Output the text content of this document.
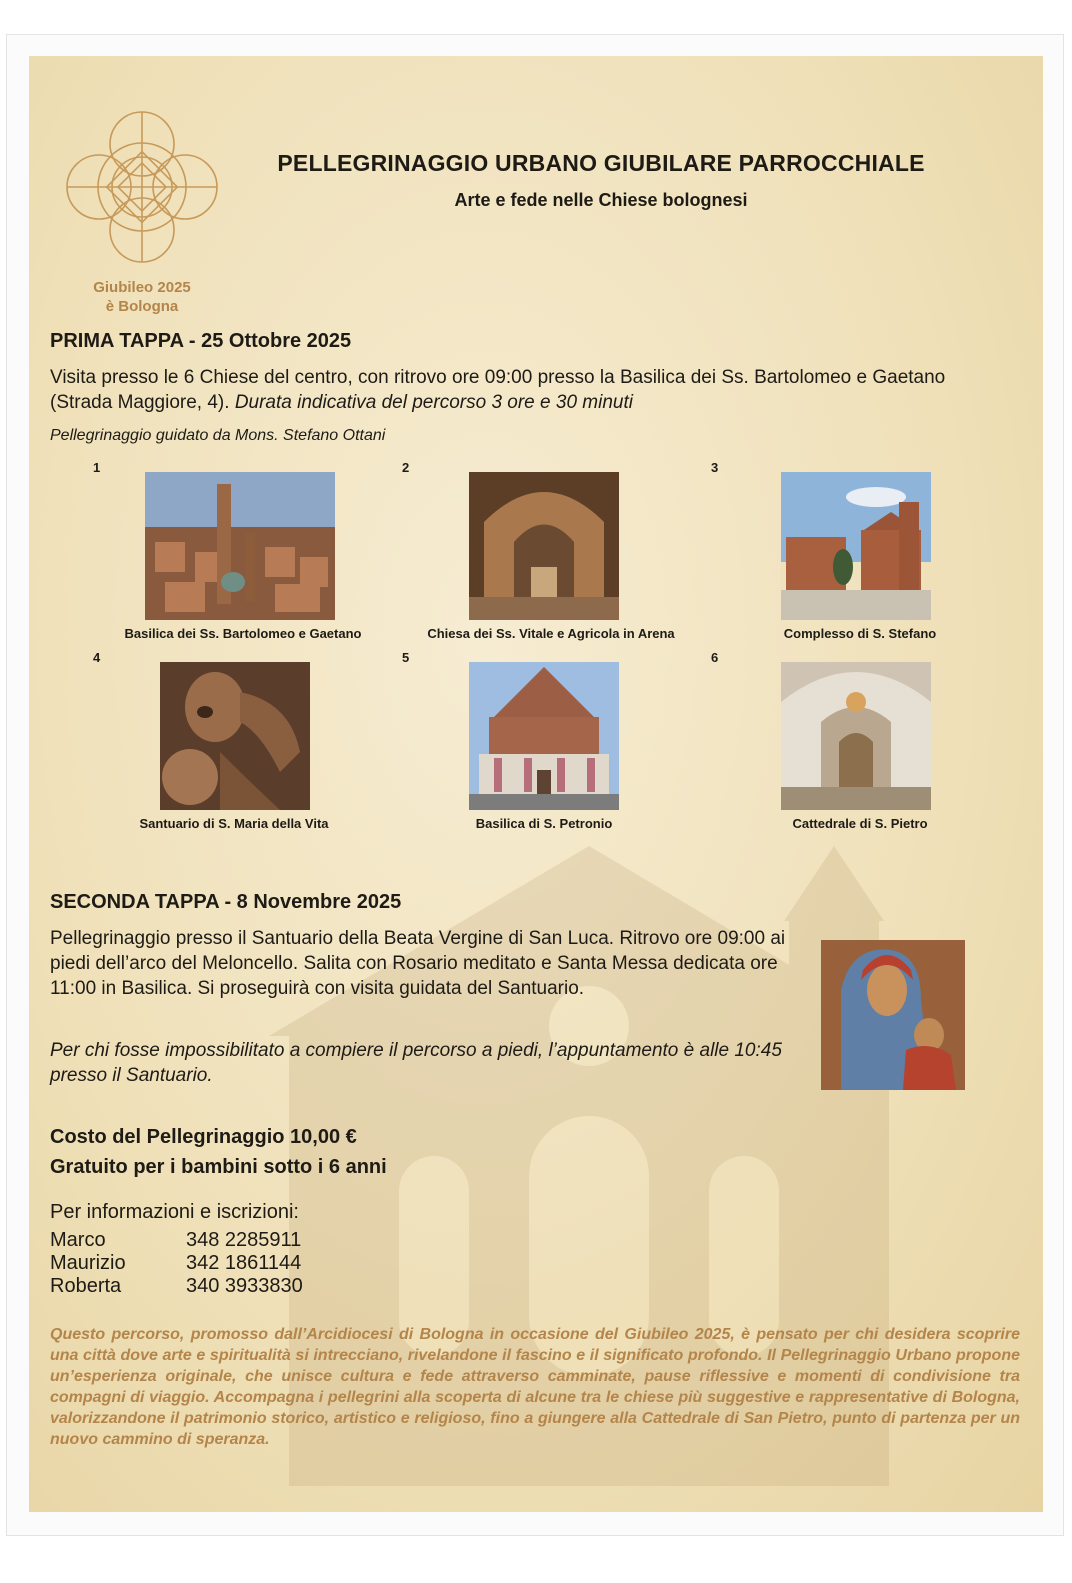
Giubileo 2025
è Bologna
PELLEGRINAGGIO URBANO GIUBILARE PARROCCHIALE
Arte e fede nelle Chiese bolognesi
PRIMA TAPPA - 25 Ottobre 2025
Visita presso le 6 Chiese del centro, con ritrovo ore 09:00 presso la Basilica dei Ss. Bartolomeo e Gaetano (Strada Maggiore, 4). Durata indicativa del percorso 3 ore e 30 minuti
Pellegrinaggio guidato da Mons. Stefano Ottani
1	2	3
Basilica dei Ss. Bartolomeo e Gaetano	Chiesa dei Ss. Vitale e Agricola in Arena	Complesso di S. Stefano
4	5	6
Santuario di S. Maria della Vita	Basilica di S. Petronio	Cattedrale di S. Pietro
SECONDA TAPPA - 8 Novembre 2025
Pellegrinaggio presso il Santuario della Beata Vergine di San Luca. Ritrovo ore 09:00 ai piedi dell’arco del Meloncello. Salita con Rosario meditato e Santa Messa dedicata ore 11:00 in Basilica. Si proseguirà con visita guidata del Santuario.
Per chi fosse impossibilitato a compiere il percorso a piedi, l’appuntamento è alle 10:45 presso il Santuario.
Costo del Pellegrinaggio 10,00 €
Gratuito per i bambini sotto i 6 anni
Per informazioni e iscrizioni:
Marco	348 2285911
Maurizio	342 1861144
Roberta	340 3933830
Questo percorso, promosso dall’Arcidiocesi di Bologna in occasione del Giubileo 2025, è pensato per chi desidera scoprire una città dove arte e spiritualità si intrecciano, rivelandone il fascino e il significato profondo. Il Pellegrinaggio Urbano propone un’esperienza originale, che unisce cultura e fede attraverso camminate, pause riflessive e momenti di condivisione tra compagni di viaggio. Accompagna i pellegrini alla scoperta di alcune tra le chiese più suggestive e rappresentative di Bologna, valorizzandone il patrimonio storico, artistico e religioso, fino a giungere alla Cattedrale di San Pietro, punto di partenza per un nuovo cammino di speranza.
